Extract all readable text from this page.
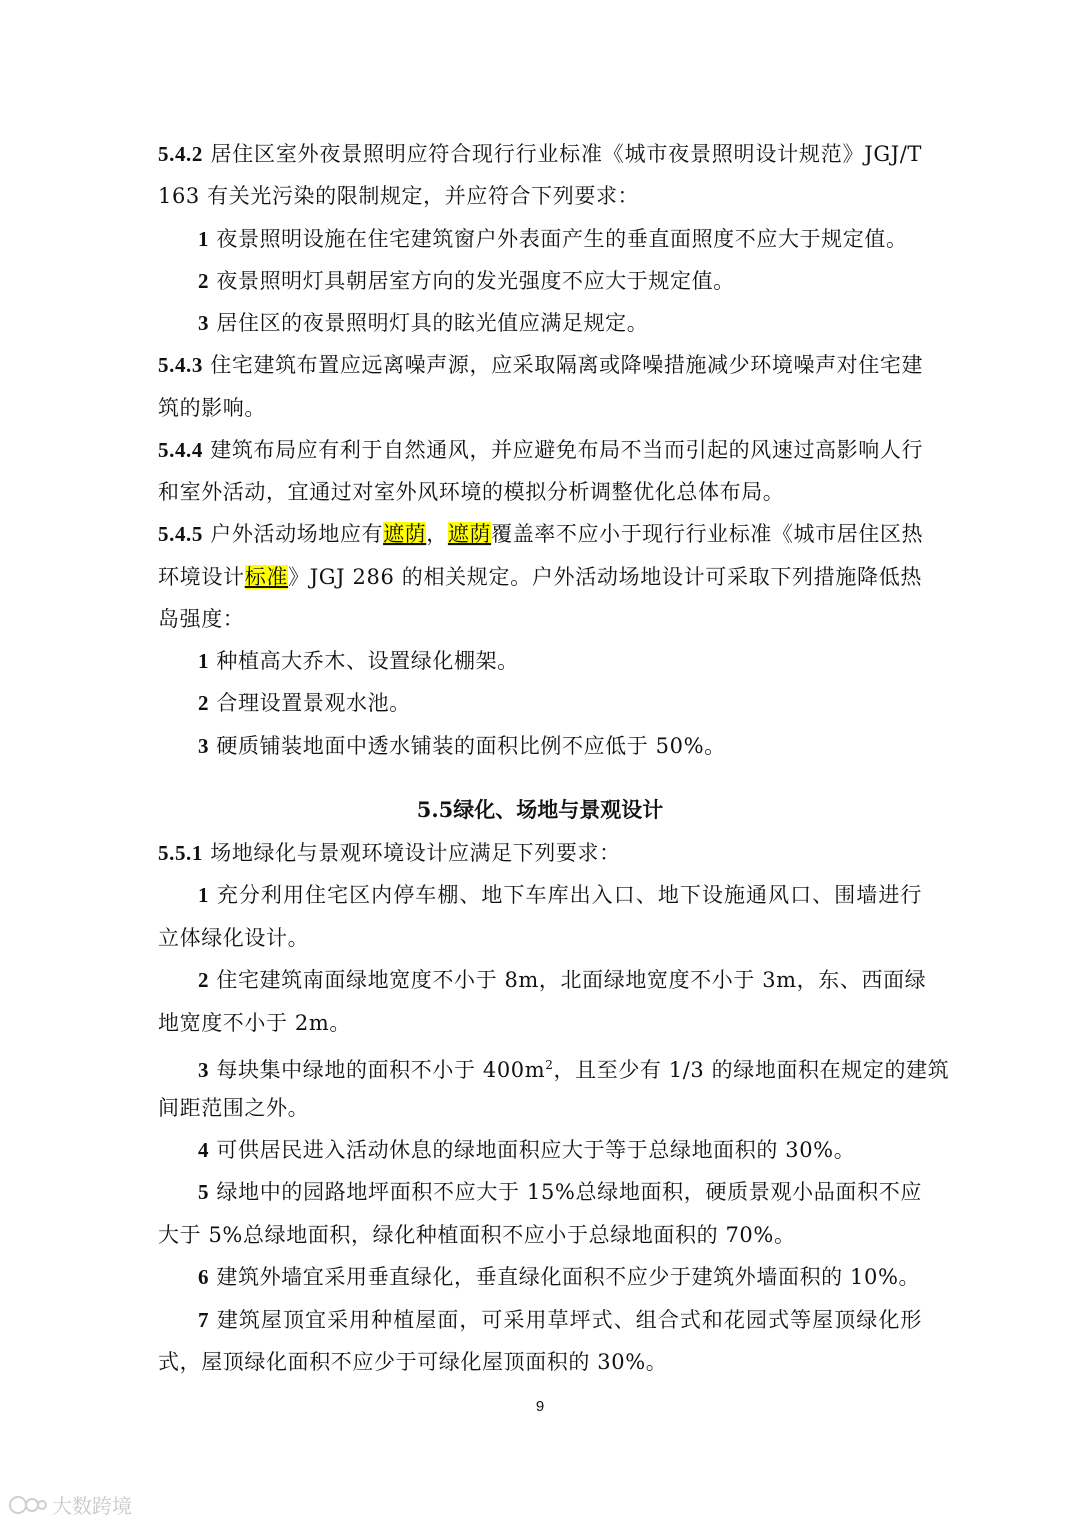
5.4.2 居住区室外夜景照明应符合现行行业标准《城市夜景照明设计规范》JGJ/T
163 有关光污染的限制规定，并应符合下列要求：
1 夜景照明设施在住宅建筑窗户外表面产生的垂直面照度不应大于规定值。
2 夜景照明灯具朝居室方向的发光强度不应大于规定值。
3 居住区的夜景照明灯具的眩光值应满足规定。
5.4.3 住宅建筑布置应远离噪声源，应采取隔离或降噪措施减少环境噪声对住宅建
筑的影响。
5.4.4 建筑布局应有利于自然通风，并应避免布局不当而引起的风速过高影响人行
和室外活动，宜通过对室外风环境的模拟分析调整优化总体布局。
5.4.5 户外活动场地应有遮荫，遮荫覆盖率不应小于现行行业标准《城市居住区热
环境设计标准》JGJ 286 的相关规定。户外活动场地设计可采取下列措施降低热
岛强度：
1 种植高大乔木、设置绿化棚架。
2 合理设置景观水池。
3 硬质铺装地面中透水铺装的面积比例不应低于 50%。
5.5绿化、场地与景观设计
5.5.1 场地绿化与景观环境设计应满足下列要求：
1 充分利用住宅区内停车棚、地下车库出入口、地下设施通风口、围墙进行
立体绿化设计。
2 住宅建筑南面绿地宽度不小于 8m，北面绿地宽度不小于 3m，东、西面绿
地宽度不小于 2m。
3 每块集中绿地的面积不小于 $400m^2$，且至少有 1/3 的绿地面积在规定的建筑
间距范围之外。
4 可供居民进入活动休息的绿地面积应大于等于总绿地面积的 30%。
5 绿地中的园路地坪面积不应大于 15%总绿地面积，硬质景观小品面积不应
大于 5%总绿地面积，绿化种植面积不应小于总绿地面积的 70%。
6 建筑外墙宜采用垂直绿化，垂直绿化面积不应少于建筑外墙面积的 10%。
7 建筑屋顶宜采用种植屋面，可采用草坪式、组合式和花园式等屋顶绿化形
式，屋顶绿化面积不应少于可绿化屋顶面积的 30%。
9
大数跨境
